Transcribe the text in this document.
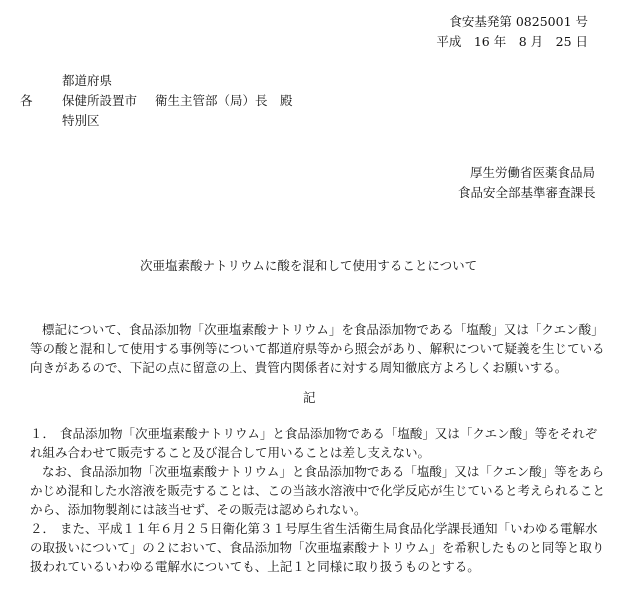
食安基発第 0825001 号
平成　16 年　8 月　25 日
都道府県
各 保健所設置市 衛生主管部（局）長　殿
特別区
厚生労働省医薬食品局
食品安全部基準審査課長
次亜塩素酸ナトリウムに酸を混和して使用することについて
標記について、食品添加物「次亜塩素酸ナトリウム」を食品添加物である「塩酸」又は「クエン酸」
等の酸と混和して使用する事例等について都道府県等から照会があり、解釈について疑義を生じている
向きがあるので、下記の点に留意の上、貴管内関係者に対する周知徹底方よろしくお願いする。
記
１． 食品添加物「次亜塩素酸ナトリウム」と食品添加物である「塩酸」又は「クエン酸」等をそれぞ
れ組み合わせて販売すること及び混合して用いることは差し支えない。
なお、食品添加物「次亜塩素酸ナトリウム」と食品添加物である「塩酸」又は「クエン酸」等をあら
かじめ混和した水溶液を販売することは、この当該水溶液中で化学反応が生じていると考えられること
から、添加物製剤には該当せず、その販売は認められない。
２． また、平成１１年６月２５日衛化第３１号厚生省生活衛生局食品化学課長通知「いわゆる電解水
の取扱いについて」の２において、食品添加物「次亜塩素酸ナトリウム」を希釈したものと同等と取り
扱われているいわゆる電解水についても、上記１と同様に取り扱うものとする。
